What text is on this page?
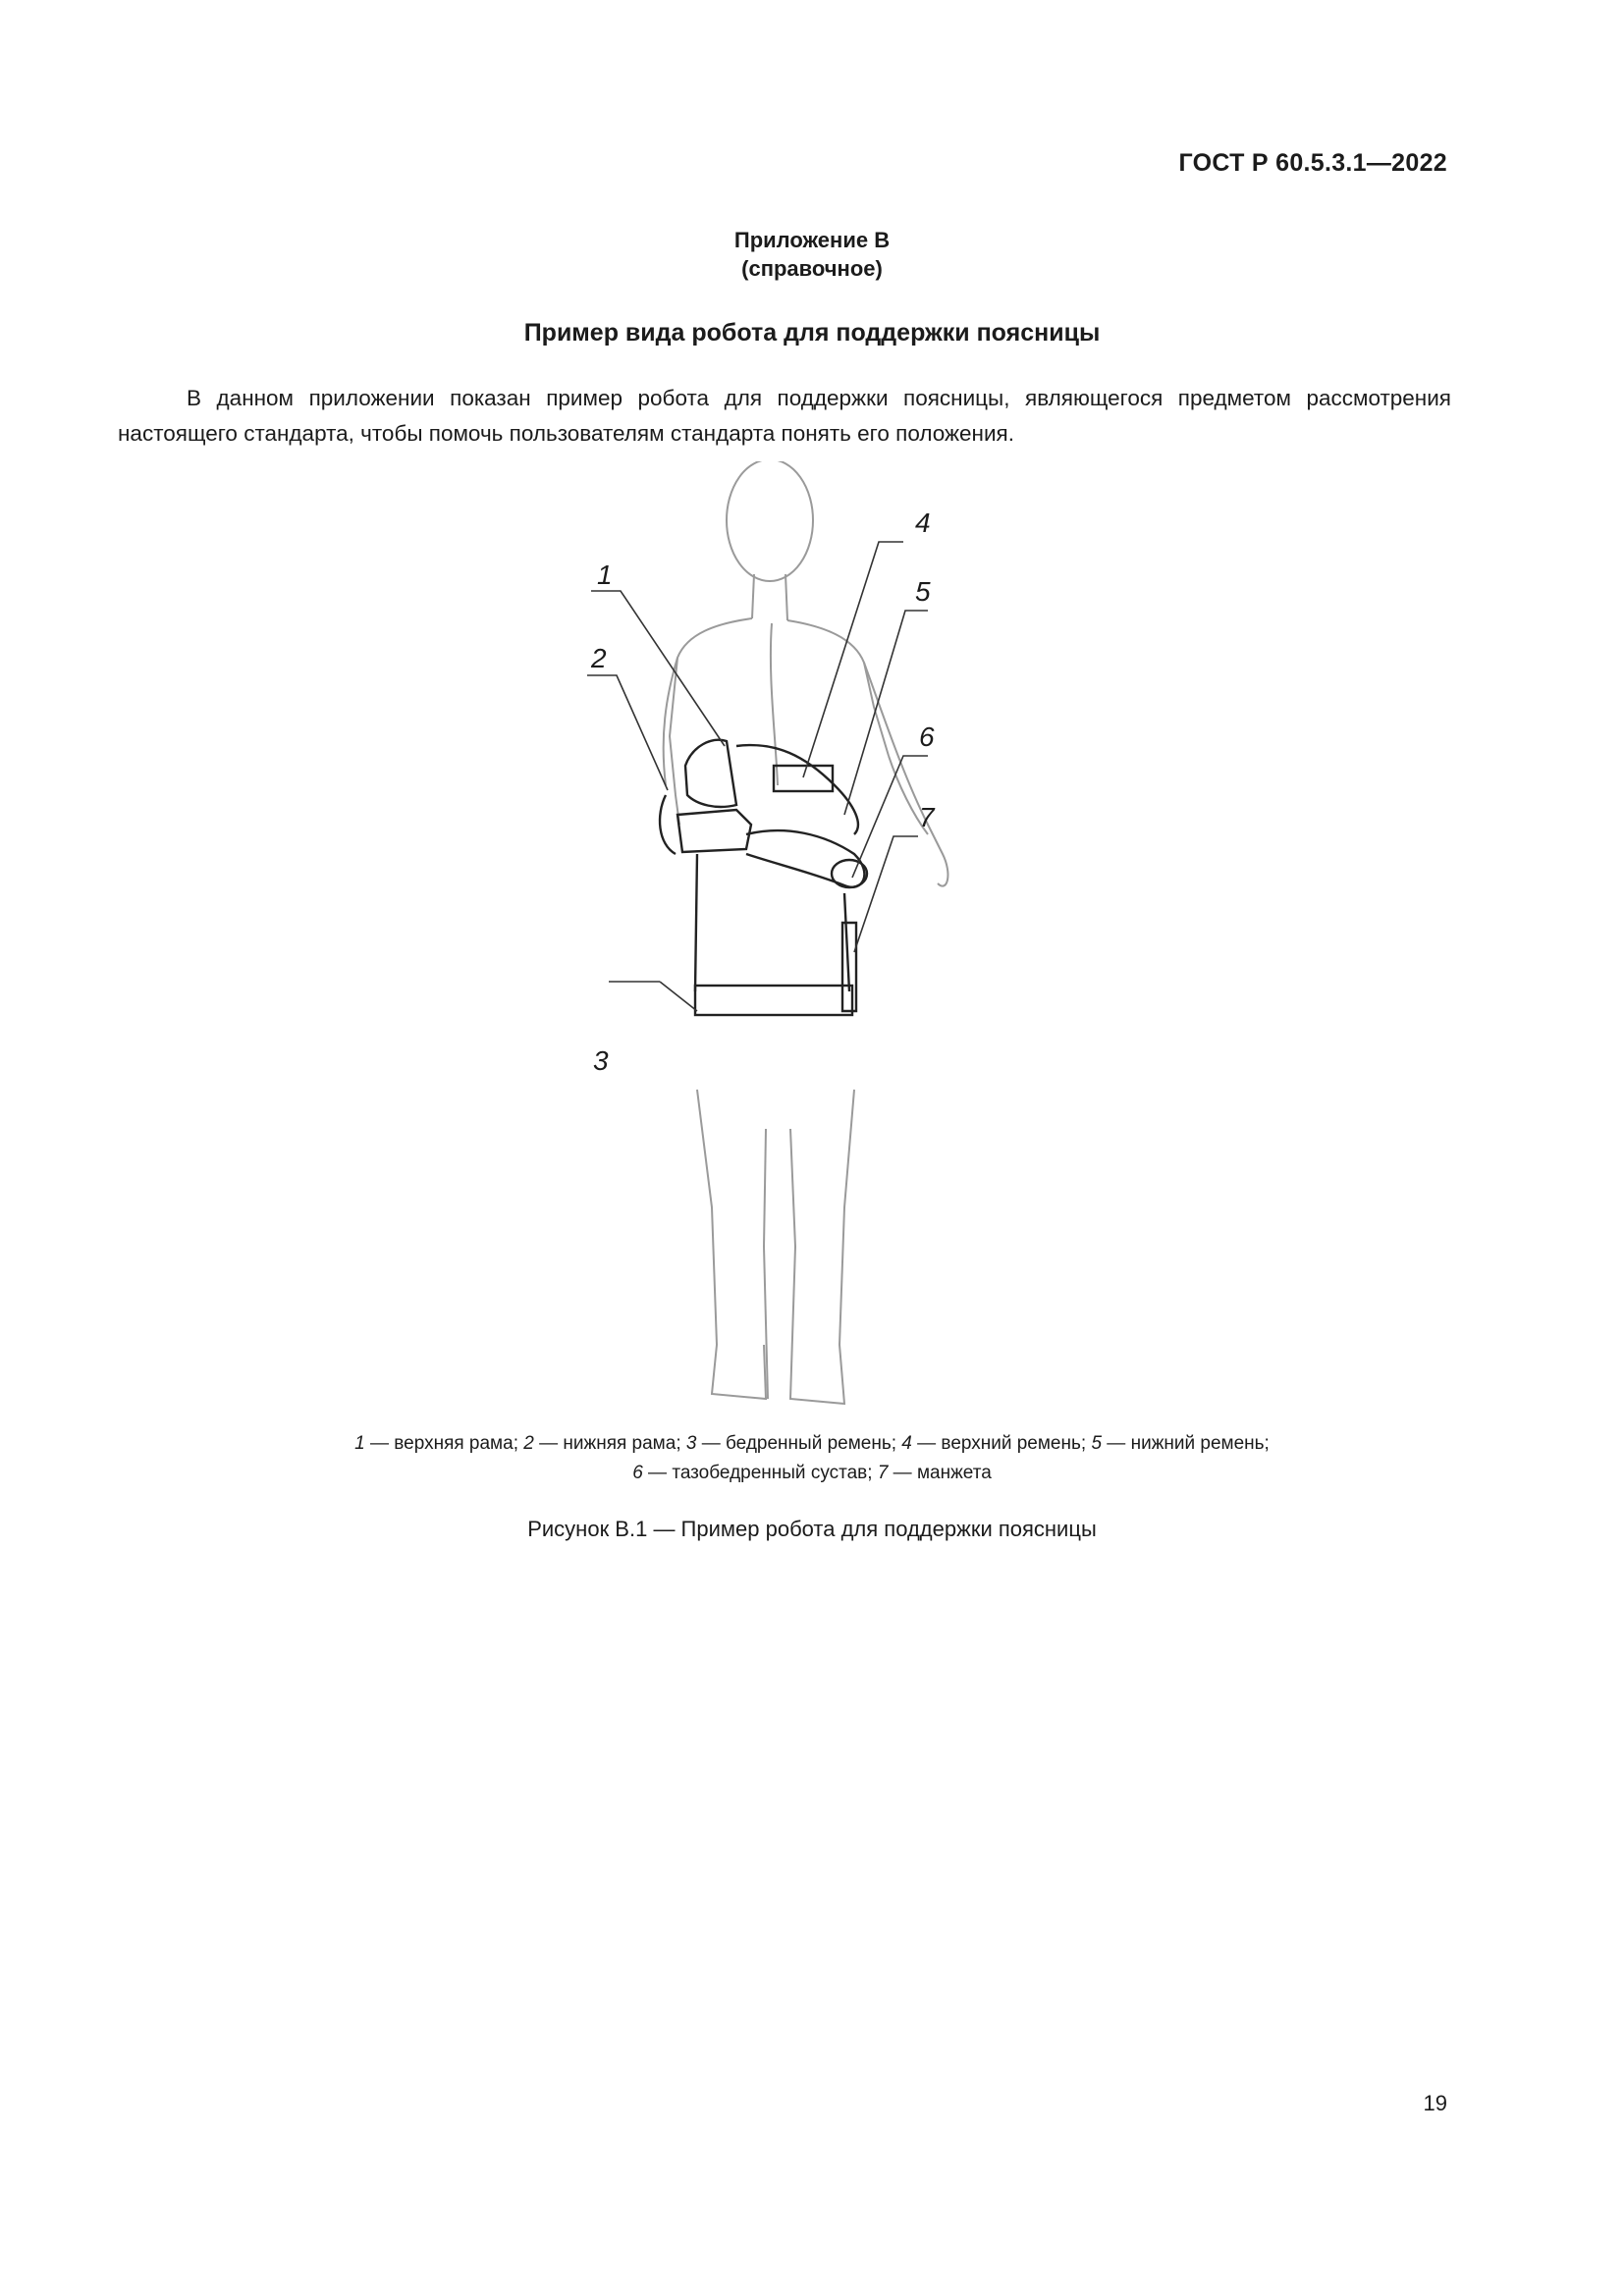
ГОСТ Р 60.5.3.1—2022
Приложение В
(справочное)
Пример вида робота для поддержки поясницы

В данном приложении показан пример робота для поддержки поясницы, являющегося предметом рассмотрения настоящего стандарта, чтобы помочь пользователям стандарта понять его положения.

1
2
3
4
5
6
7
1 — верхняя рама; 2 — нижняя рама; 3 — бедренный ремень; 4 — верхний ремень; 5 — нижний ремень;
6 — тазобедренный сустав; 7 — манжета
Рисунок В.1 — Пример робота для поддержки поясницы
19
